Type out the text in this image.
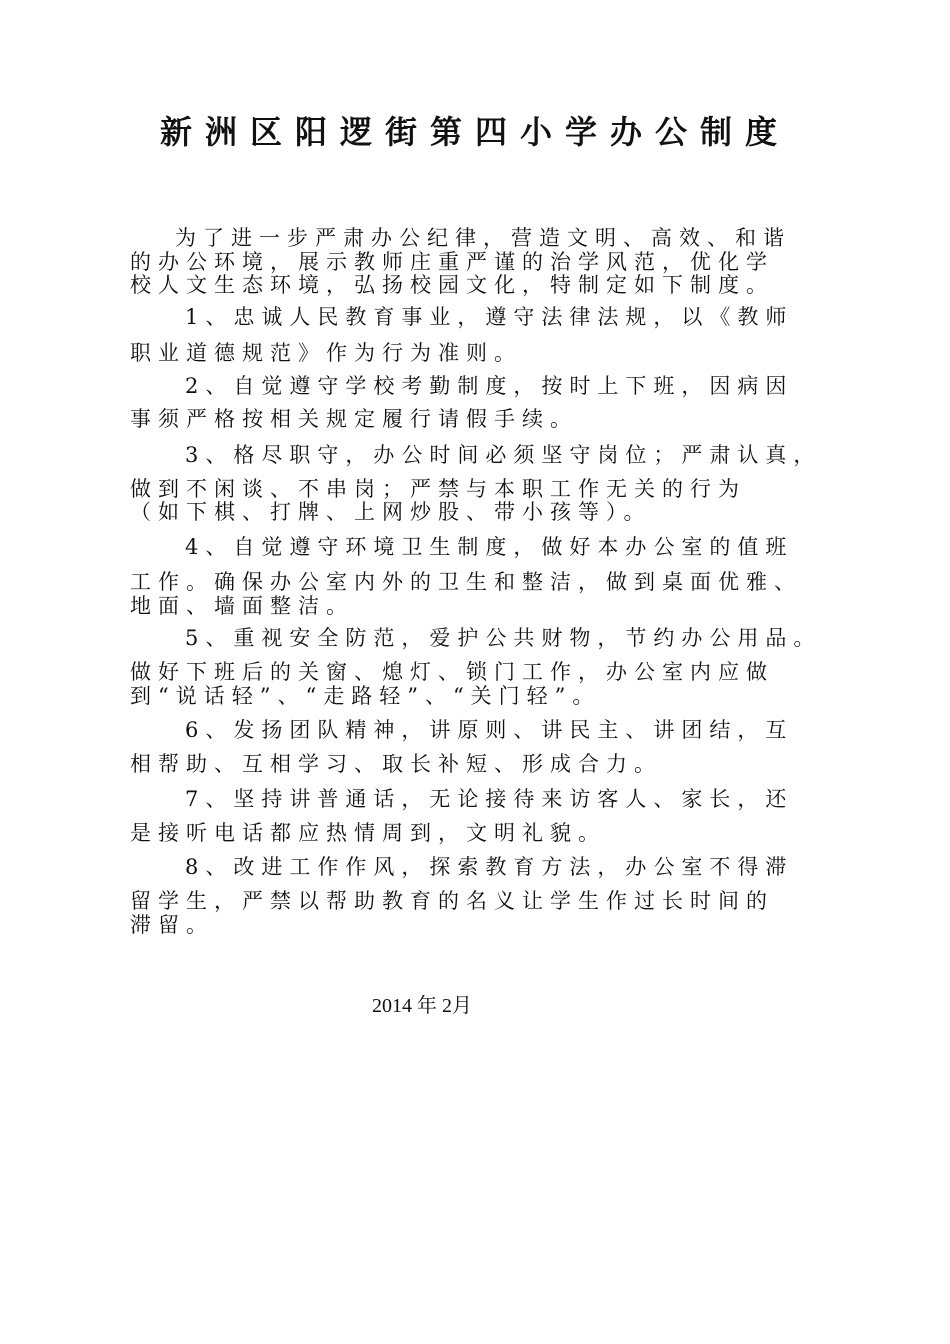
新洲区阳逻街第四小学办公制度
为了进一步严肃办公纪律，营造文明、高效、和谐
的办公环境，展示教师庄重严谨的治学风范，优化学
校人文生态环境，弘扬校园文化，特制定如下制度。
1、忠诚人民教育事业，遵守法律法规，以《教师
职业道德规范》作为行为准则。
2、自觉遵守学校考勤制度，按时上下班，因病因
事须严格按相关规定履行请假手续。
3、格尽职守，办公时间必须坚守岗位；严肃认真，
做到不闲谈、不串岗；严禁与本职工作无关的行为
（如下棋、打牌、上网炒股、带小孩等）。
4、自觉遵守环境卫生制度，做好本办公室的值班
工作。确保办公室内外的卫生和整洁，做到桌面优雅、
地面、墙面整洁。
5、重视安全防范，爱护公共财物，节约办公用品。
做好下班后的关窗、熄灯、锁门工作，办公室内应做
到“说话轻”、“走路轻”、“关门轻”。
6、发扬团队精神，讲原则、讲民主、讲团结，互
相帮助、互相学习、取长补短、形成合力。
7、坚持讲普通话，无论接待来访客人、家长，还
是接听电话都应热情周到，文明礼貌。
8、改进工作作风，探索教育方法，办公室不得滞
留学生，严禁以帮助教育的名义让学生作过长时间的
滞留。
2014 年 2月
